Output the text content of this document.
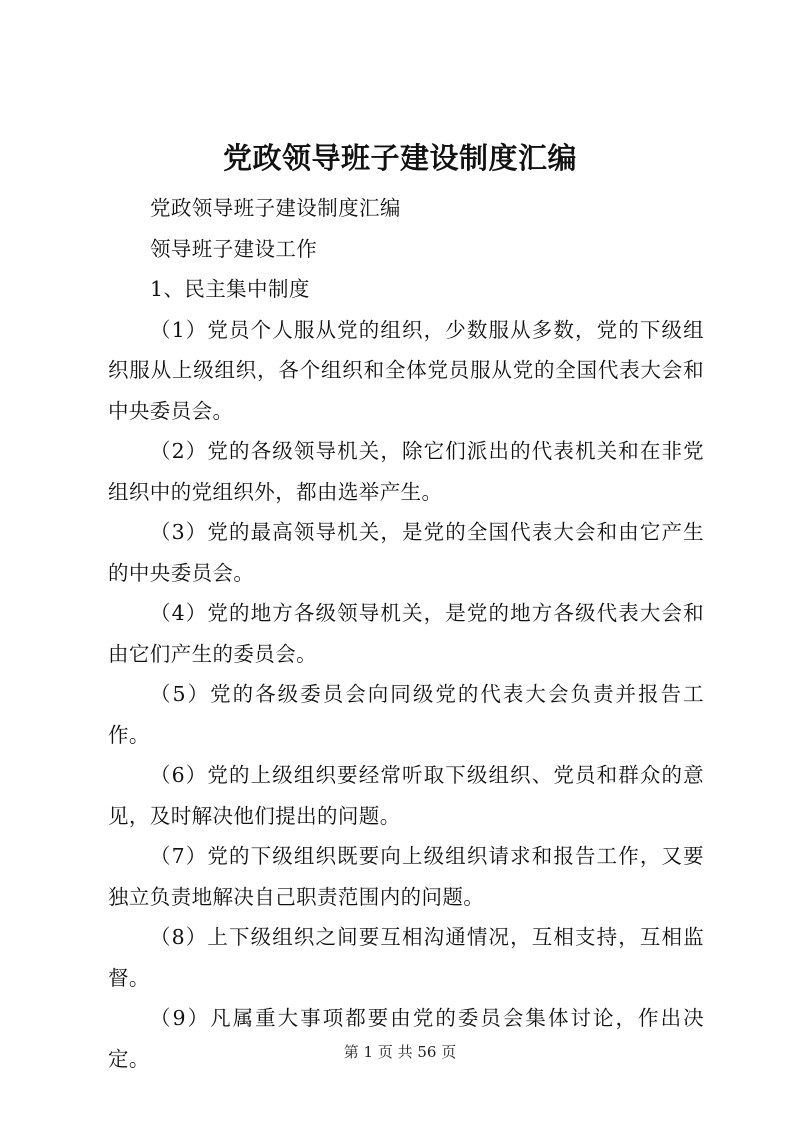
党政领导班子建设制度汇编

党政领导班子建设制度汇编

领导班子建设工作

1、民主集中制度

（1）党员个人服从党的组织，少数服从多数，党的下级组织服从上级组织，各个组织和全体党员服从党的全国代表大会和中央委员会。

（2）党的各级领导机关，除它们派出的代表机关和在非党组织中的党组织外，都由选举产生。

（3）党的最高领导机关，是党的全国代表大会和由它产生的中央委员会。

（4）党的地方各级领导机关，是党的地方各级代表大会和由它们产生的委员会。

（5）党的各级委员会向同级党的代表大会负责并报告工作。

（6）党的上级组织要经常听取下级组织、党员和群众的意见，及时解决他们提出的问题。

（7）党的下级组织既要向上级组织请求和报告工作，又要独立负责地解决自己职责范围内的问题。

（8）上下级组织之间要互相沟通情况，互相支持，互相监督。

（9）凡属重大事项都要由党的委员会集体讨论，作出决定。	第 1 页 共 56 页
